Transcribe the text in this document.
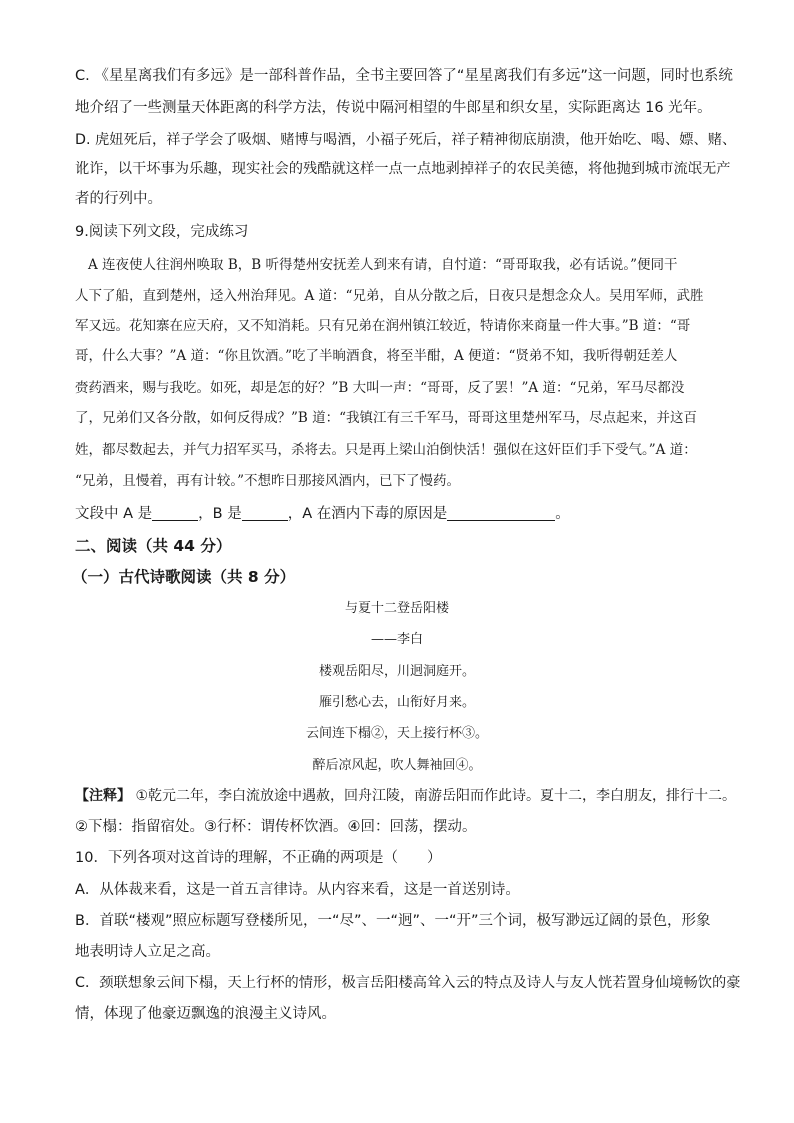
C. 《星星离我们有多远》是一部科普作品，全书主要回答了“星星离我们有多远”这一问题，同时也系统
地介绍了一些测量天体距离的科学方法，传说中隔河相望的牛郎星和织女星，实际距离达 16 光年。
D. 虎妞死后，祥子学会了吸烟、赌博与喝酒，小福子死后，祥子精神彻底崩溃，他开始吃、喝、嫖、赌、
讹诈，以干坏事为乐趣，现实社会的残酷就这样一点一点地剥掉祥子的农民美德，将他抛到城市流氓无产
者的行列中。
9.阅读下列文段，完成练习
A 连夜使人往润州唤取 B，B 听得楚州安抚差人到来有请，自忖道：“哥哥取我，必有话说。”便同干
人下了船，直到楚州，迳入州治拜见。A 道：“兄弟，自从分散之后，日夜只是想念众人。吴用军师，武胜
军又远。花知寨在应天府，又不知消耗。只有兄弟在润州镇江较近，特请你来商量一件大事。”B 道：“哥
哥，什么大事？”A 道：“你且饮酒。”吃了半晌酒食，将至半酣，A 便道：“贤弟不知，我听得朝廷差人
赍药酒来，赐与我吃。如死，却是怎的好？”B 大叫一声：“哥哥，反了罢！”A 道：“兄弟，军马尽都没
了，兄弟们又各分散，如何反得成？”B 道：“我镇江有三千军马，哥哥这里楚州军马，尽点起来，并这百
姓，都尽数起去，并气力招军买马，杀将去。只是再上梁山泊倒快活！强似在这奸臣们手下受气。”A 道：
“兄弟，且慢着，再有计较。”不想昨日那接风酒内，已下了慢药。
文段中 A 是	，B 是	，A 在酒内下毒的原因是	。
二、阅读（共 44 分）
（一）古代诗歌阅读（共 8 分）
与夏十二登岳阳楼
——李白
楼观岳阳尽，川迥洞庭开。
雁引愁心去，山衔好月来。
云间连下榻②，天上接行杯③。
醉后凉风起，吹人舞袖回④。
【注释】 ①乾元二年，李白流放途中遇赦，回舟江陵，南游岳阳而作此诗。夏十二，李白朋友，排行十二。
②下榻：指留宿处。③行杯：谓传杯饮酒。④回：回荡，摆动。
10．下列各项对这首诗的理解，不正确的两项是（　　）
A．从体裁来看，这是一首五言律诗。从内容来看，这是一首送别诗。
B．首联“楼观”照应标题写登楼所见，一“尽”、一“迥”、一“开”三个词，极写渺远辽阔的景色，形象
地表明诗人立足之高。
C．颈联想象云间下榻，天上行杯的情形，极言岳阳楼高耸入云的特点及诗人与友人恍若置身仙境畅饮的豪
情，体现了他豪迈飘逸的浪漫主义诗风。
